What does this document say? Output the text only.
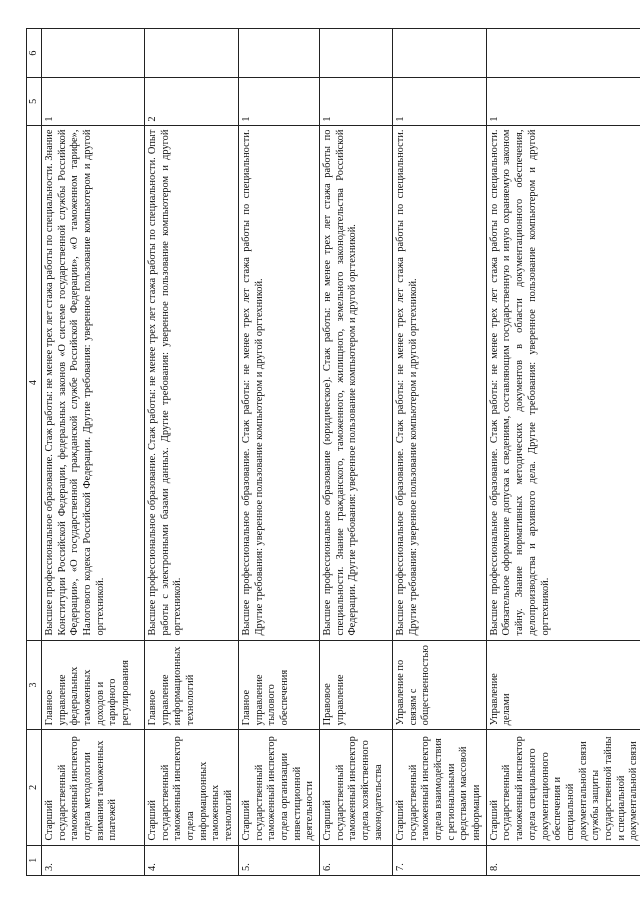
1	2	3	4	5	6
3.	Старший государственный таможенный инспектор отдела методологии взимания таможенных платежей	Главное управление федеральных таможенных доходов и тарифного регулирования	Высшее профессиональное образование. Стаж работы: не менее трех лет стажа работы по специальности. Знание Конституции Российской Федерации, федеральных законов «О системе государственной службы Российской Федерации», «О государственной гражданской службе Российской Федерации», «О таможенном тарифе», Налогового кодекса Российской Федерации. Другие требования: уверенное пользование компьютером и другой оргтехникой.	1	
4.	Старший государственный таможенный инспектор отдела информационных таможенных технологий	Главное управление информационных технологий	Высшее профессиональное образование. Стаж работы: не менее трех лет стажа работы по специальности. Опыт работы с электронными базами данных. Другие требования: уверенное пользование компьютером и другой оргтехникой.	2	
5.	Старший государственный таможенный инспектор отдела организации инвестиционной деятельности	Главное управление тылового обеспечения	Высшее профессиональное образование. Стаж работы: не менее трех лет стажа работы по специальности. Другие требования: уверенное пользование компьютером и другой оргтехникой.	1	
6.	Старший государственный таможенный инспектор отдела хозяйственного законодательства	Правовое управление	Высшее профессиональное образование (юридическое). Стаж работы: не менее трех лет стажа работы по специальности. Знание гражданского, таможенного, жилищного, земельного законодательства Российской Федерации. Другие требования: уверенное пользование компьютером и другой оргтехникой.	1	
7.	Старший государственный таможенный инспектор отдела взаимодействия с региональными средствами массовой информации	Управление по связям с общественностью	Высшее профессиональное образование. Стаж работы: не менее трех лет стажа работы по специальности. Другие требования: уверенное пользование компьютером и другой оргтехникой.	1	
8.	Старший государственный таможенный инспектор отдела специального документационного обеспечения и специальной документальной связи службы защиты государственной тайны и специальной документальной связи	Управление делами	Высшее профессиональное образование. Стаж работы: не менее трех лет стажа работы по специальности. Обязательное оформление допуска к сведениям, составляющим государственную и иную охраняемую законом тайну. Знание нормативных методических документов в области документационного обеспечения, делопроизводства и архивного дела. Другие требования: уверенное пользование компьютером и другой оргтехникой.	1	
